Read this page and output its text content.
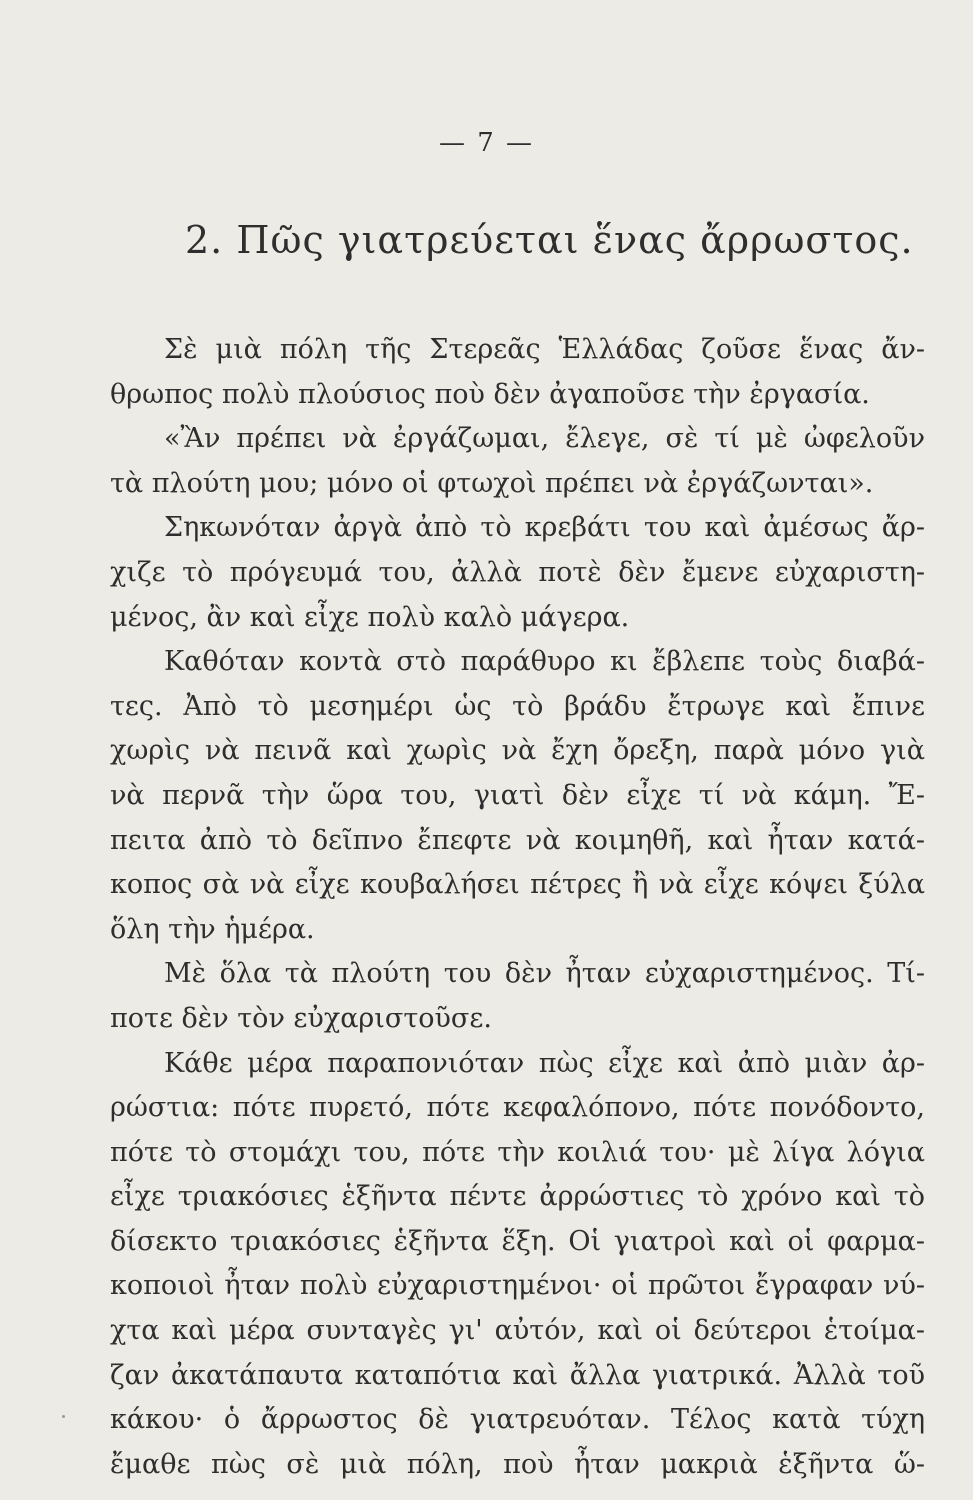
— 7 —
2. Πῶς γιατρεύεται ἕνας ἄρρωστος.
Σὲ μιὰ πόλη τῆς Στερεᾶς Ἑλλάδας ζοῦσε ἕνας ἄν-
θρωπος πολὺ πλούσιος ποὺ δὲν ἀγαποῦσε τὴν ἐργασία.
«Ἂν πρέπει νὰ ἐργάζωμαι, ἔλεγε, σὲ τί μὲ ὠφελοῦν
τὰ πλούτη μου; μόνο οἱ φτωχοὶ πρέπει νὰ ἐργάζωνται».
Σηκωνόταν ἀργὰ ἀπὸ τὸ κρεβάτι του καὶ ἀμέσως ἄρ-
χιζε τὸ πρόγευμά του, ἀλλὰ ποτὲ δὲν ἔμενε εὐχαριστη-
μένος, ἂν καὶ εἶχε πολὺ καλὸ μάγερα.
Καθόταν κοντὰ στὸ παράθυρο κι ἔβλεπε τοὺς διαβά-
τες. Ἀπὸ τὸ μεσημέρι ὡς τὸ βράδυ ἔτρωγε καὶ ἔπινε
χωρὶς νὰ πεινᾶ καὶ χωρὶς νὰ ἔχη ὄρεξη, παρὰ μόνο γιὰ
νὰ περνᾶ τὴν ὥρα του, γιατὶ δὲν εἶχε τί νὰ κάμη. Ἔ-
πειτα ἀπὸ τὸ δεῖπνο ἔπεφτε νὰ κοιμηθῆ, καὶ ἦταν κατά-
κοπος σὰ νὰ εἶχε κουβαλήσει πέτρες ἢ νὰ εἶχε κόψει ξύλα
ὅλη τὴν ἡμέρα.
Μὲ ὅλα τὰ πλούτη του δὲν ἦταν εὐχαριστημένος. Τί-
ποτε δὲν τὸν εὐχαριστοῦσε.
Κάθε μέρα παραπονιόταν πὼς εἶχε καὶ ἀπὸ μιὰν ἀρ-
ρώστια: πότε πυρετό, πότε κεφαλόπονο, πότε πονόδοντο,
πότε τὸ στομάχι του, πότε τὴν κοιλιά του· μὲ λίγα λόγια
εἶχε τριακόσιες ἑξῆντα πέντε ἀρρώστιες τὸ χρόνο καὶ τὸ
δίσεκτο τριακόσιες ἑξῆντα ἕξη. Οἱ γιατροὶ καὶ οἱ φαρμα-
κοποιοὶ ἦταν πολὺ εὐχαριστημένοι· οἱ πρῶτοι ἔγραφαν νύ-
χτα καὶ μέρα συνταγὲς γι' αὐτόν, καὶ οἱ δεύτεροι ἑτοίμα-
ζαν ἀκατάπαυτα καταπότια καὶ ἄλλα γιατρικά. Ἀλλὰ τοῦ
κάκου· ὁ ἄρρωστος δὲ γιατρευόταν. Τέλος κατὰ τύχη
ἔμαθε πὼς σὲ μιὰ πόλη, ποὺ ἦταν μακριὰ ἑξῆντα ὥ-
